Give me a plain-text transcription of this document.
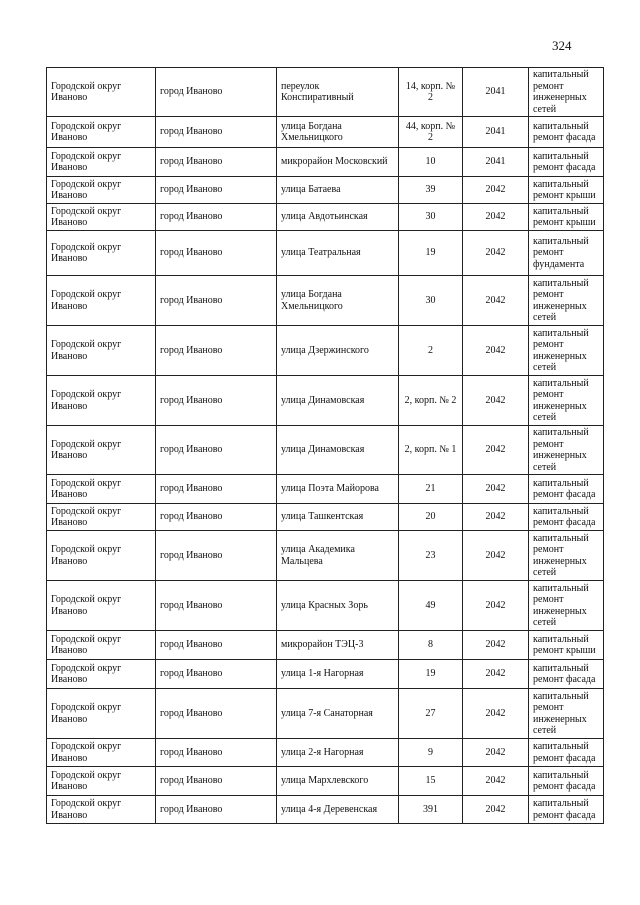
324
Городской округ Иваново	город Иваново	переулок Конспиративный	14, корп. № 2	2041	капитальный ремонт инженерных сетей
Городской округ Иваново	город Иваново	улица Богдана Хмельницкого	44, корп. № 2	2041	капитальный ремонт фасада
Городской округ Иваново	город Иваново	микрорайон Московский	10	2041	капитальный ремонт фасада
Городской округ Иваново	город Иваново	улица Батаева	39	2042	капитальный ремонт крыши
Городской округ Иваново	город Иваново	улица Авдотьинская	30	2042	капитальный ремонт крыши
Городской округ Иваново	город Иваново	улица Театральная	19	2042	капитальный ремонт фундамента
Городской округ Иваново	город Иваново	улица Богдана Хмельницкого	30	2042	капитальный ремонт инженерных сетей
Городской округ Иваново	город Иваново	улица Дзержинского	2	2042	капитальный ремонт инженерных сетей
Городской округ Иваново	город Иваново	улица Динамовская	2, корп. № 2	2042	капитальный ремонт инженерных сетей
Городской округ Иваново	город Иваново	улица Динамовская	2, корп. № 1	2042	капитальный ремонт инженерных сетей
Городской округ Иваново	город Иваново	улица Поэта Майорова	21	2042	капитальный ремонт фасада
Городской округ Иваново	город Иваново	улица Ташкентская	20	2042	капитальный ремонт фасада
Городской округ Иваново	город Иваново	улица Академика Мальцева	23	2042	капитальный ремонт инженерных сетей
Городской округ Иваново	город Иваново	улица Красных Зорь	49	2042	капитальный ремонт инженерных сетей
Городской округ Иваново	город Иваново	микрорайон ТЭЦ-3	8	2042	капитальный ремонт крыши
Городской округ Иваново	город Иваново	улица 1-я Нагорная	19	2042	капитальный ремонт фасада
Городской округ Иваново	город Иваново	улица 7-я Санаторная	27	2042	капитальный ремонт инженерных сетей
Городской округ Иваново	город Иваново	улица 2-я Нагорная	9	2042	капитальный ремонт фасада
Городской округ Иваново	город Иваново	улица Мархлевского	15	2042	капитальный ремонт фасада
Городской округ Иваново	город Иваново	улица 4-я Деревенская	391	2042	капитальный ремонт фасада
